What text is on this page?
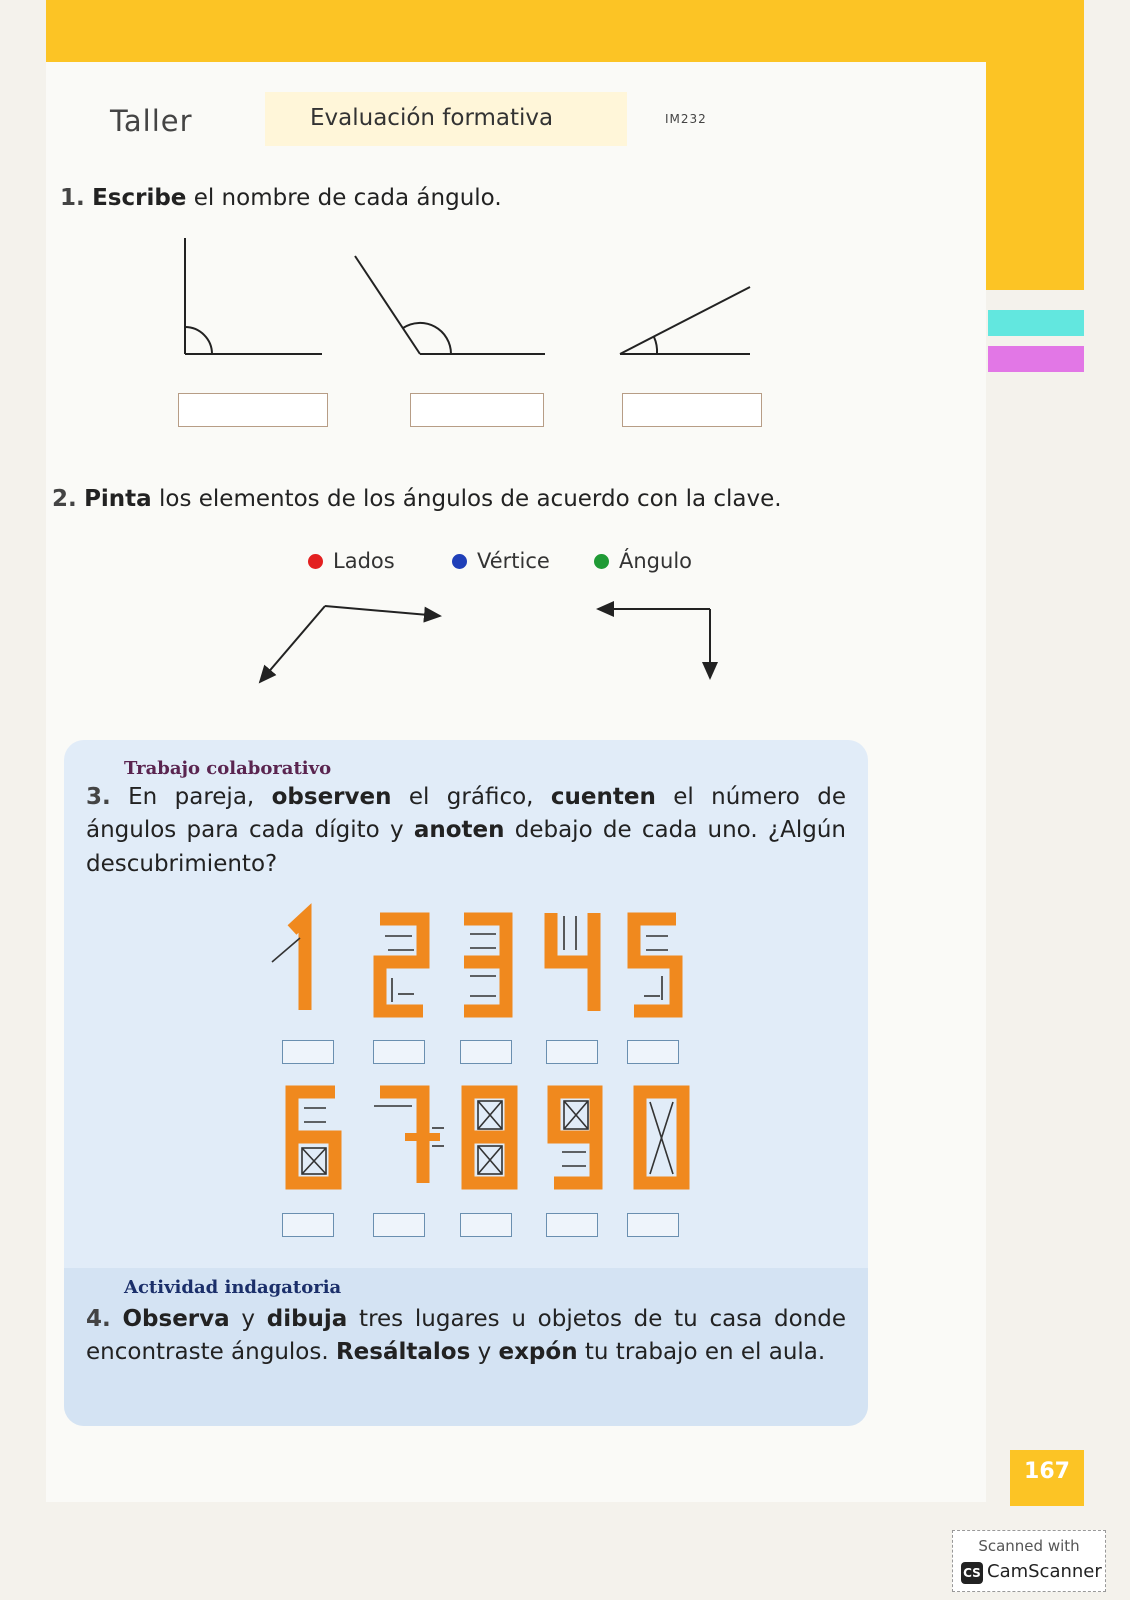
Taller	Evaluación formativa	IM232
1. Escribe el nombre de cada ángulo.
2. Pinta los elementos de los ángulos de acuerdo con la clave.
Lados	Vértice	Ángulo
Trabajo colaborativo
3. En pareja, observen el gráfico, cuenten el número de ángulos para cada dígito y anoten debajo de cada uno. ¿Algún descubrimiento?
Actividad indagatoria
4. Observa y dibuja tres lugares u objetos de tu casa donde encontraste ángulos. Resáltalos y expón tu trabajo en el aula.
167
Scanned with
CS CamScanner
